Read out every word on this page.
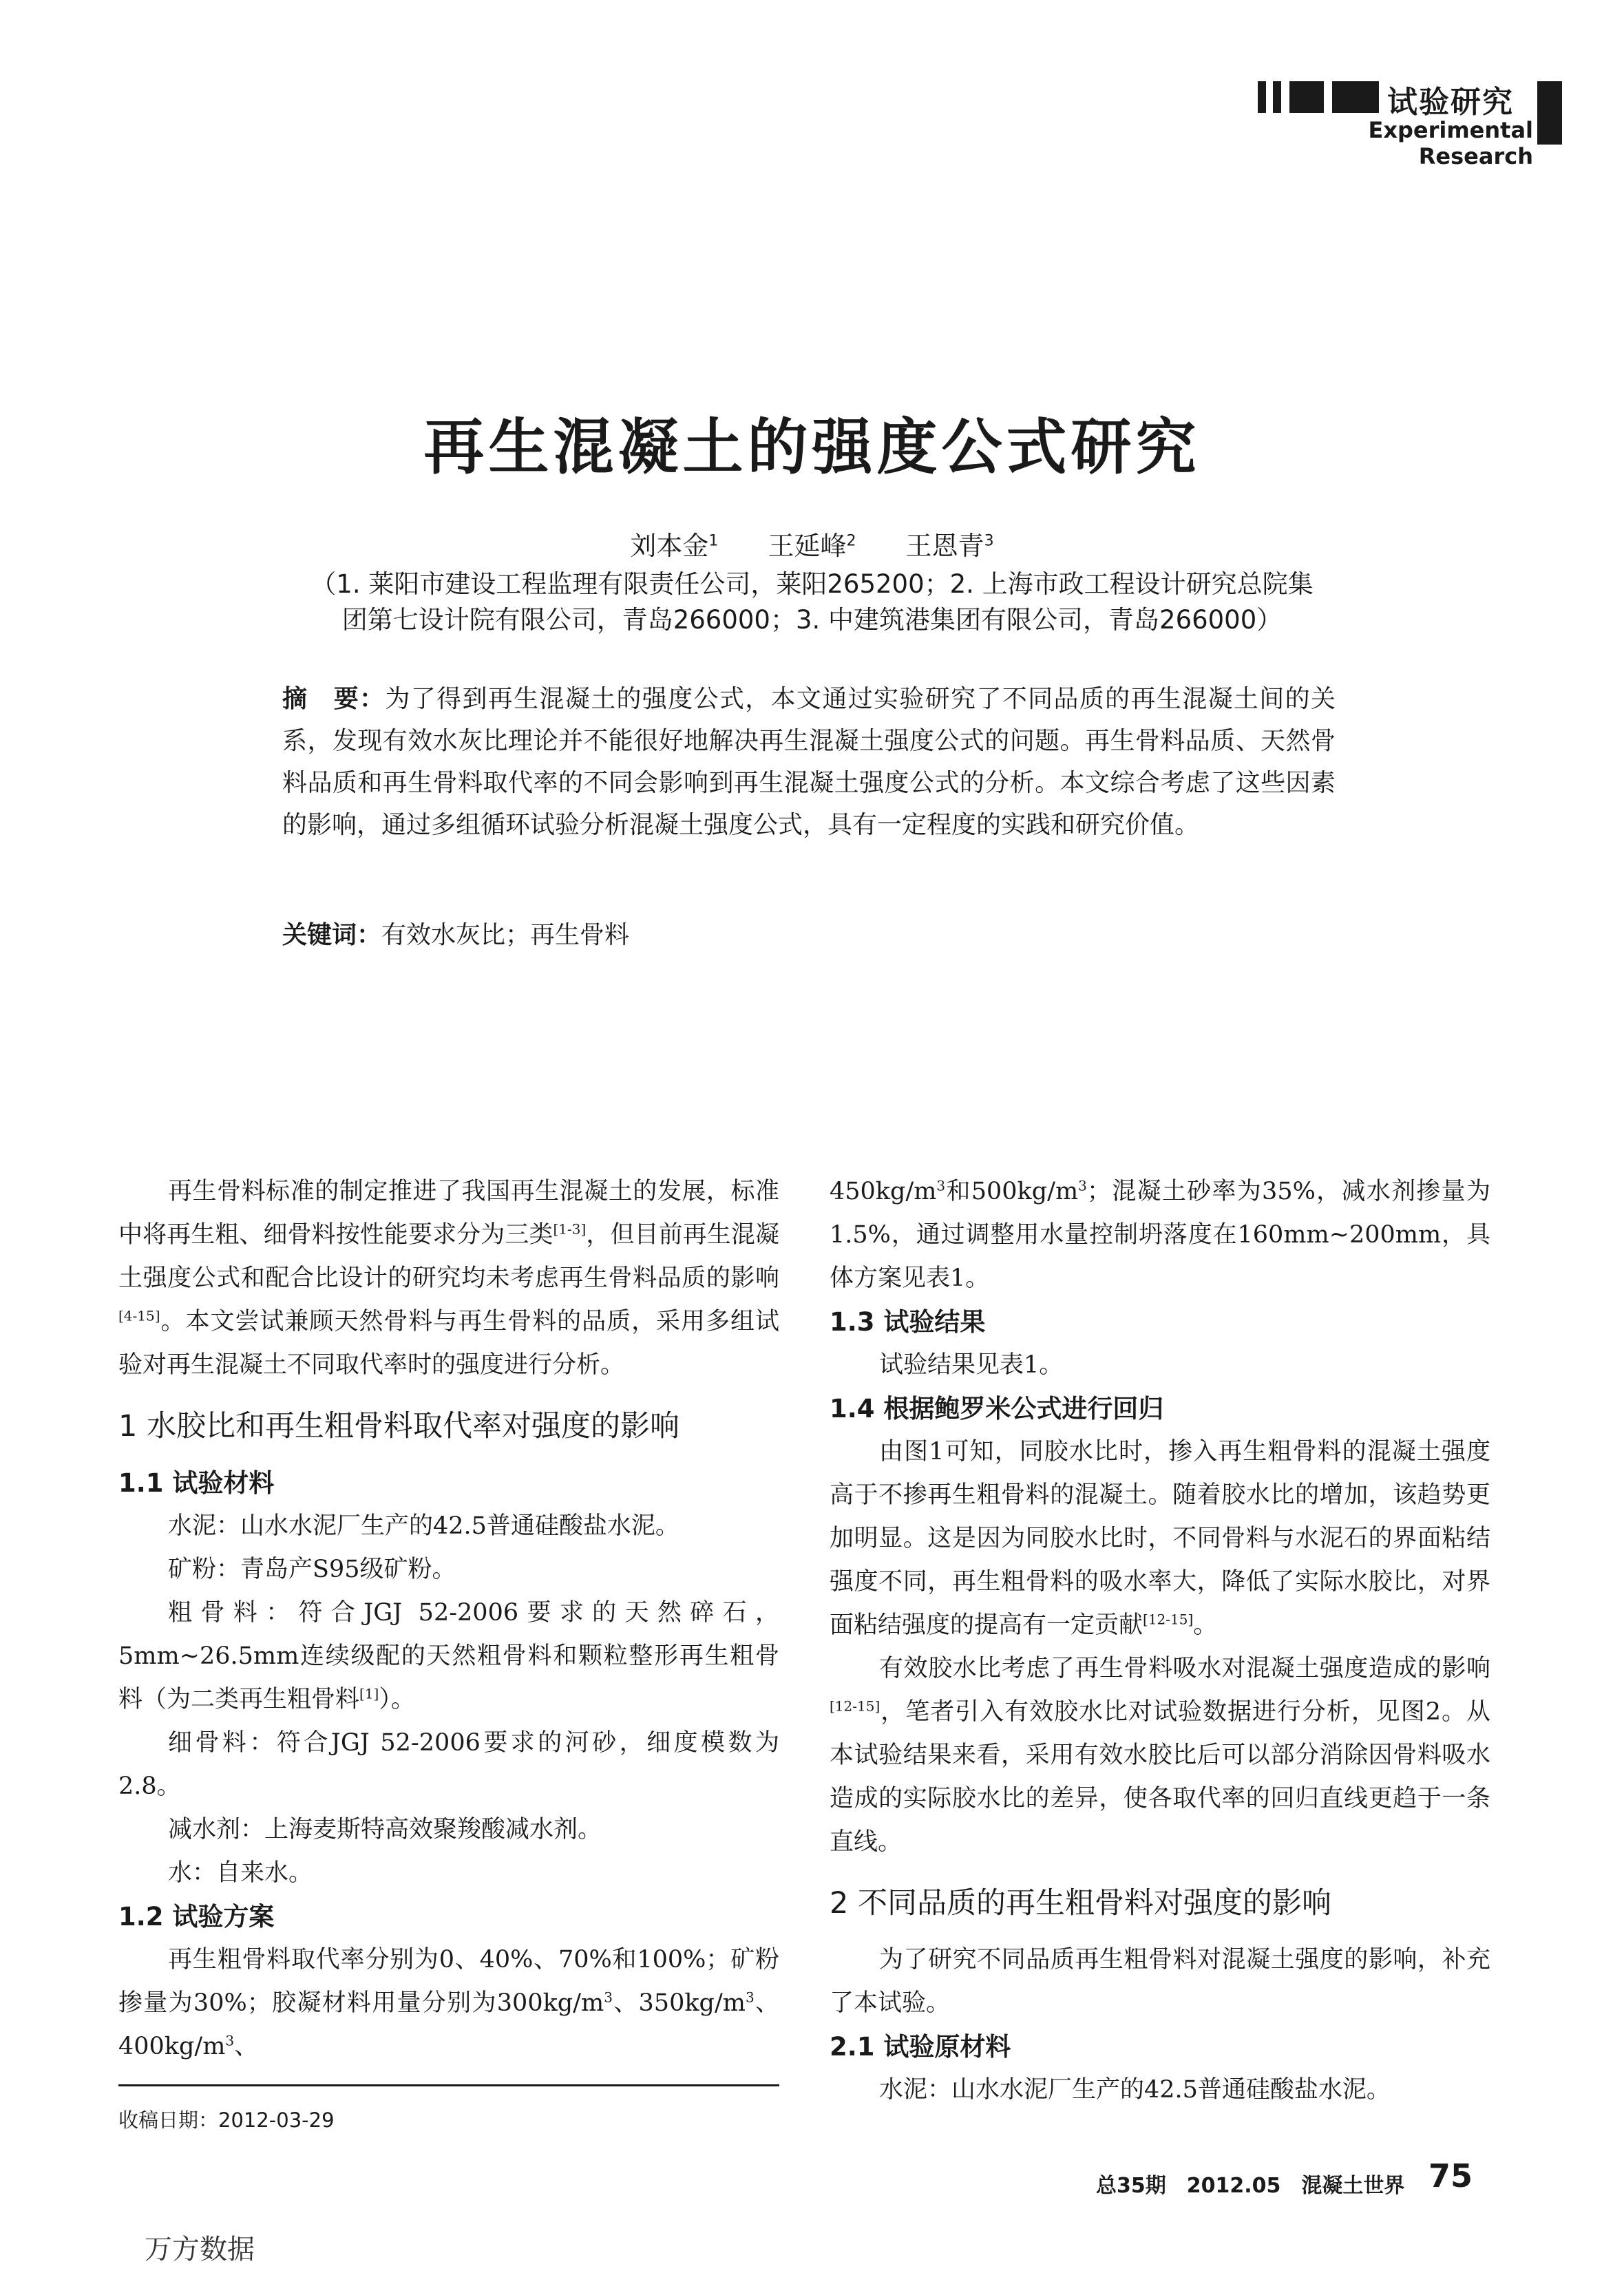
试验研究
Experimental Research
再生混凝土的强度公式研究
刘本金$^1$ 王延峰$^2$ 王恩青$^3$
（1. 莱阳市建设工程监理有限责任公司，莱阳265200；2. 上海市政工程设计研究总院集
团第七设计院有限公司，青岛266000；3. 中建筑港集团有限公司，青岛266000）
摘　要：为了得到再生混凝土的强度公式，本文通过实验研究了不同品质的再生混凝土间的关系，发现有效水灰比理论并不能很好地解决再生混凝土强度公式的问题。再生骨料品质、天然骨料品质和再生骨料取代率的不同会影响到再生混凝土强度公式的分析。本文综合考虑了这些因素的影响，通过多组循环试验分析混凝土强度公式，具有一定程度的实践和研究价值。
关键词：有效水灰比；再生骨料

再生骨料标准的制定推进了我国再生混凝土的发展，标准中将再生粗、细骨料按性能要求分为三类[1-3]，但目前再生混凝土强度公式和配合比设计的研究均未考虑再生骨料品质的影响[4-15]。本文尝试兼顾天然骨料与再生骨料的品质，采用多组试验对再生混凝土不同取代率时的强度进行分析。

1 水胶比和再生粗骨料取代率对强度的影响
1.1 试验材料

水泥：山水水泥厂生产的42.5普通硅酸盐水泥。

矿粉：青岛产S95级矿粉。

粗骨料：符合JGJ 52-2006要求的天然碎石，5mm~26.5mm连续级配的天然粗骨料和颗粒整形再生粗骨料（为二类再生粗骨料[1]）。

细骨料：符合JGJ 52-2006要求的河砂，细度模数为2.8。

减水剂：上海麦斯特高效聚羧酸减水剂。

水：自来水。

1.2 试验方案

再生粗骨料取代率分别为0、40%、70%和100%；矿粉掺量为30%；胶凝材料用量分别为$300kg/m^3$、$350kg/m^3$、$400kg/m^3$、

$450kg/m^3$和$500kg/m^3$；混凝土砂率为35%，减水剂掺量为1.5%，通过调整用水量控制坍落度在160mm~200mm，具体方案见表1。

1.3 试验结果

试验结果见表1。

1.4 根据鲍罗米公式进行回归

由图1可知，同胶水比时，掺入再生粗骨料的混凝土强度高于不掺再生粗骨料的混凝土。随着胶水比的增加，该趋势更加明显。这是因为同胶水比时，不同骨料与水泥石的界面粘结强度不同，再生粗骨料的吸水率大，降低了实际水胶比，对界面粘结强度的提高有一定贡献[12-15]。

有效胶水比考虑了再生骨料吸水对混凝土强度造成的影响[12-15]，笔者引入有效胶水比对试验数据进行分析，见图2。从本试验结果来看，采用有效水胶比后可以部分消除因骨料吸水造成的实际胶水比的差异，使各取代率的回归直线更趋于一条直线。

2 不同品质的再生粗骨料对强度的影响

为了研究不同品质再生粗骨料对混凝土强度的影响，补充了本试验。

2.1 试验原材料

水泥：山水水泥厂生产的42.5普通硅酸盐水泥。

收稿日期：2012-03-29
总35期　2012.05　混凝土世界 75
万方数据
